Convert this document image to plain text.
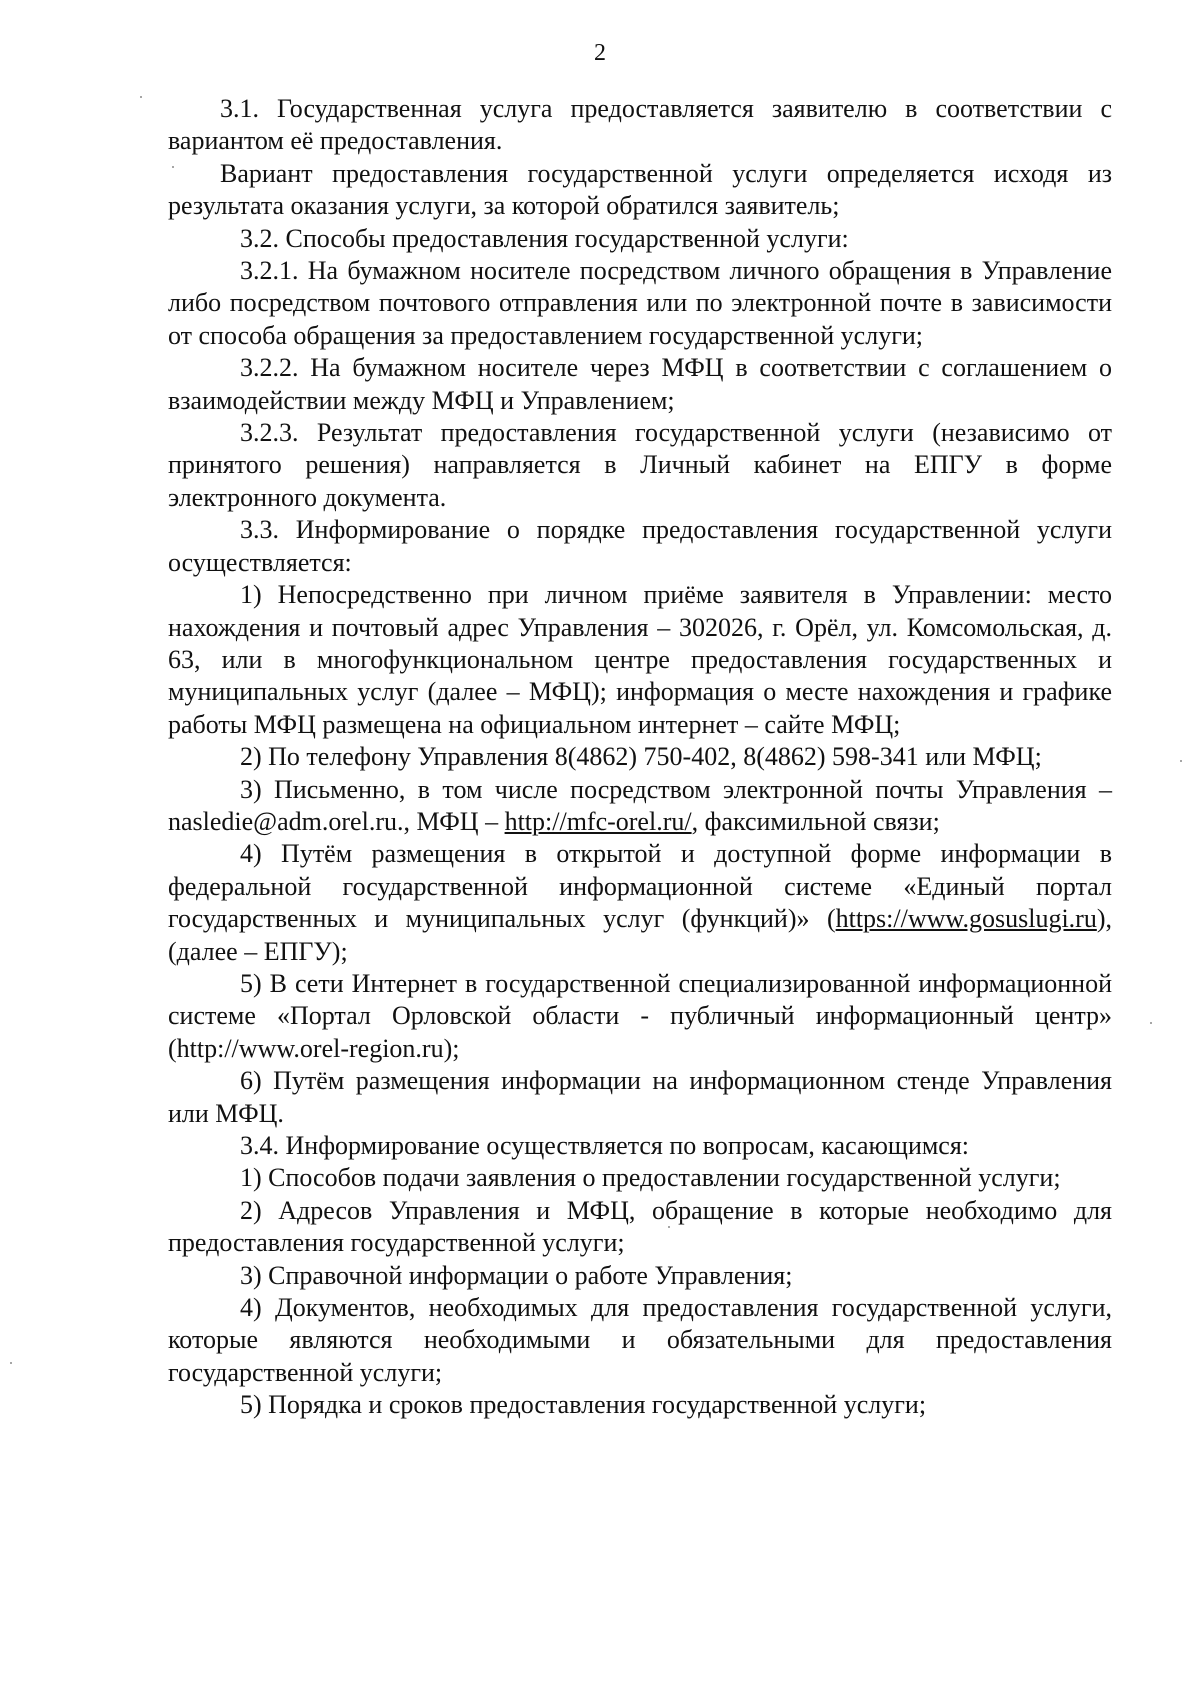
2

3.1. Государственная услуга предоставляется заявителю в соответствии с вариантом её предоставления.

Вариант предоставления государственной услуги определяется исходя из результата оказания услуги, за которой обратился заявитель;

3.2. Способы предоставления государственной услуги:

3.2.1. На бумажном носителе посредством личного обращения в Управление либо посредством почтового отправления или по электронной почте в зависимости от способа обращения за предоставлением государственной услуги;

3.2.2. На бумажном носителе через МФЦ в соответствии с соглашением о взаимодействии между МФЦ и Управлением;

3.2.3. Результат предоставления государственной услуги (независимо от принятого решения) направляется в Личный кабинет на ЕПГУ в форме электронного документа.

3.3. Информирование о порядке предоставления государственной услуги осуществляется:

1) Непосредственно при личном приёме заявителя в Управлении: место нахождения и почтовый адрес Управления – 302026, г. Орёл, ул. Комсомольская, д. 63, или в многофункциональном центре предоставления государственных и муниципальных услуг (далее – МФЦ); информация о месте нахождения и графике работы МФЦ размещена на официальном интернет – сайте МФЦ;

2) По телефону Управления 8(4862) 750-402, 8(4862) 598-341 или МФЦ;

3) Письменно, в том числе посредством электронной почты Управления – nasledie@adm.orel.ru., МФЦ – http://mfc-orel.ru/, факсимильной связи;

4) Путём размещения в открытой и доступной форме информации в федеральной государственной информационной системе «Единый портал государственных и муниципальных услуг (функций)» (https://www.gosuslugi.ru), (далее – ЕПГУ);

5) В сети Интернет в государственной специализированной информационной системе «Портал Орловской области - публичный информационный центр» (http://www.orel-region.ru);

6) Путём размещения информации на информационном стенде Управления или МФЦ.

3.4. Информирование осуществляется по вопросам, касающимся:

1) Способов подачи заявления о предоставлении государственной услуги;

2) Адресов Управления и МФЦ, обращение в которые необходимо для предоставления государственной услуги;

3) Справочной информации о работе Управления;

4) Документов, необходимых для предоставления государственной услуги, которые являются необходимыми и обязательными для предоставления государственной услуги;

5) Порядка и сроков предоставления государственной услуги;
